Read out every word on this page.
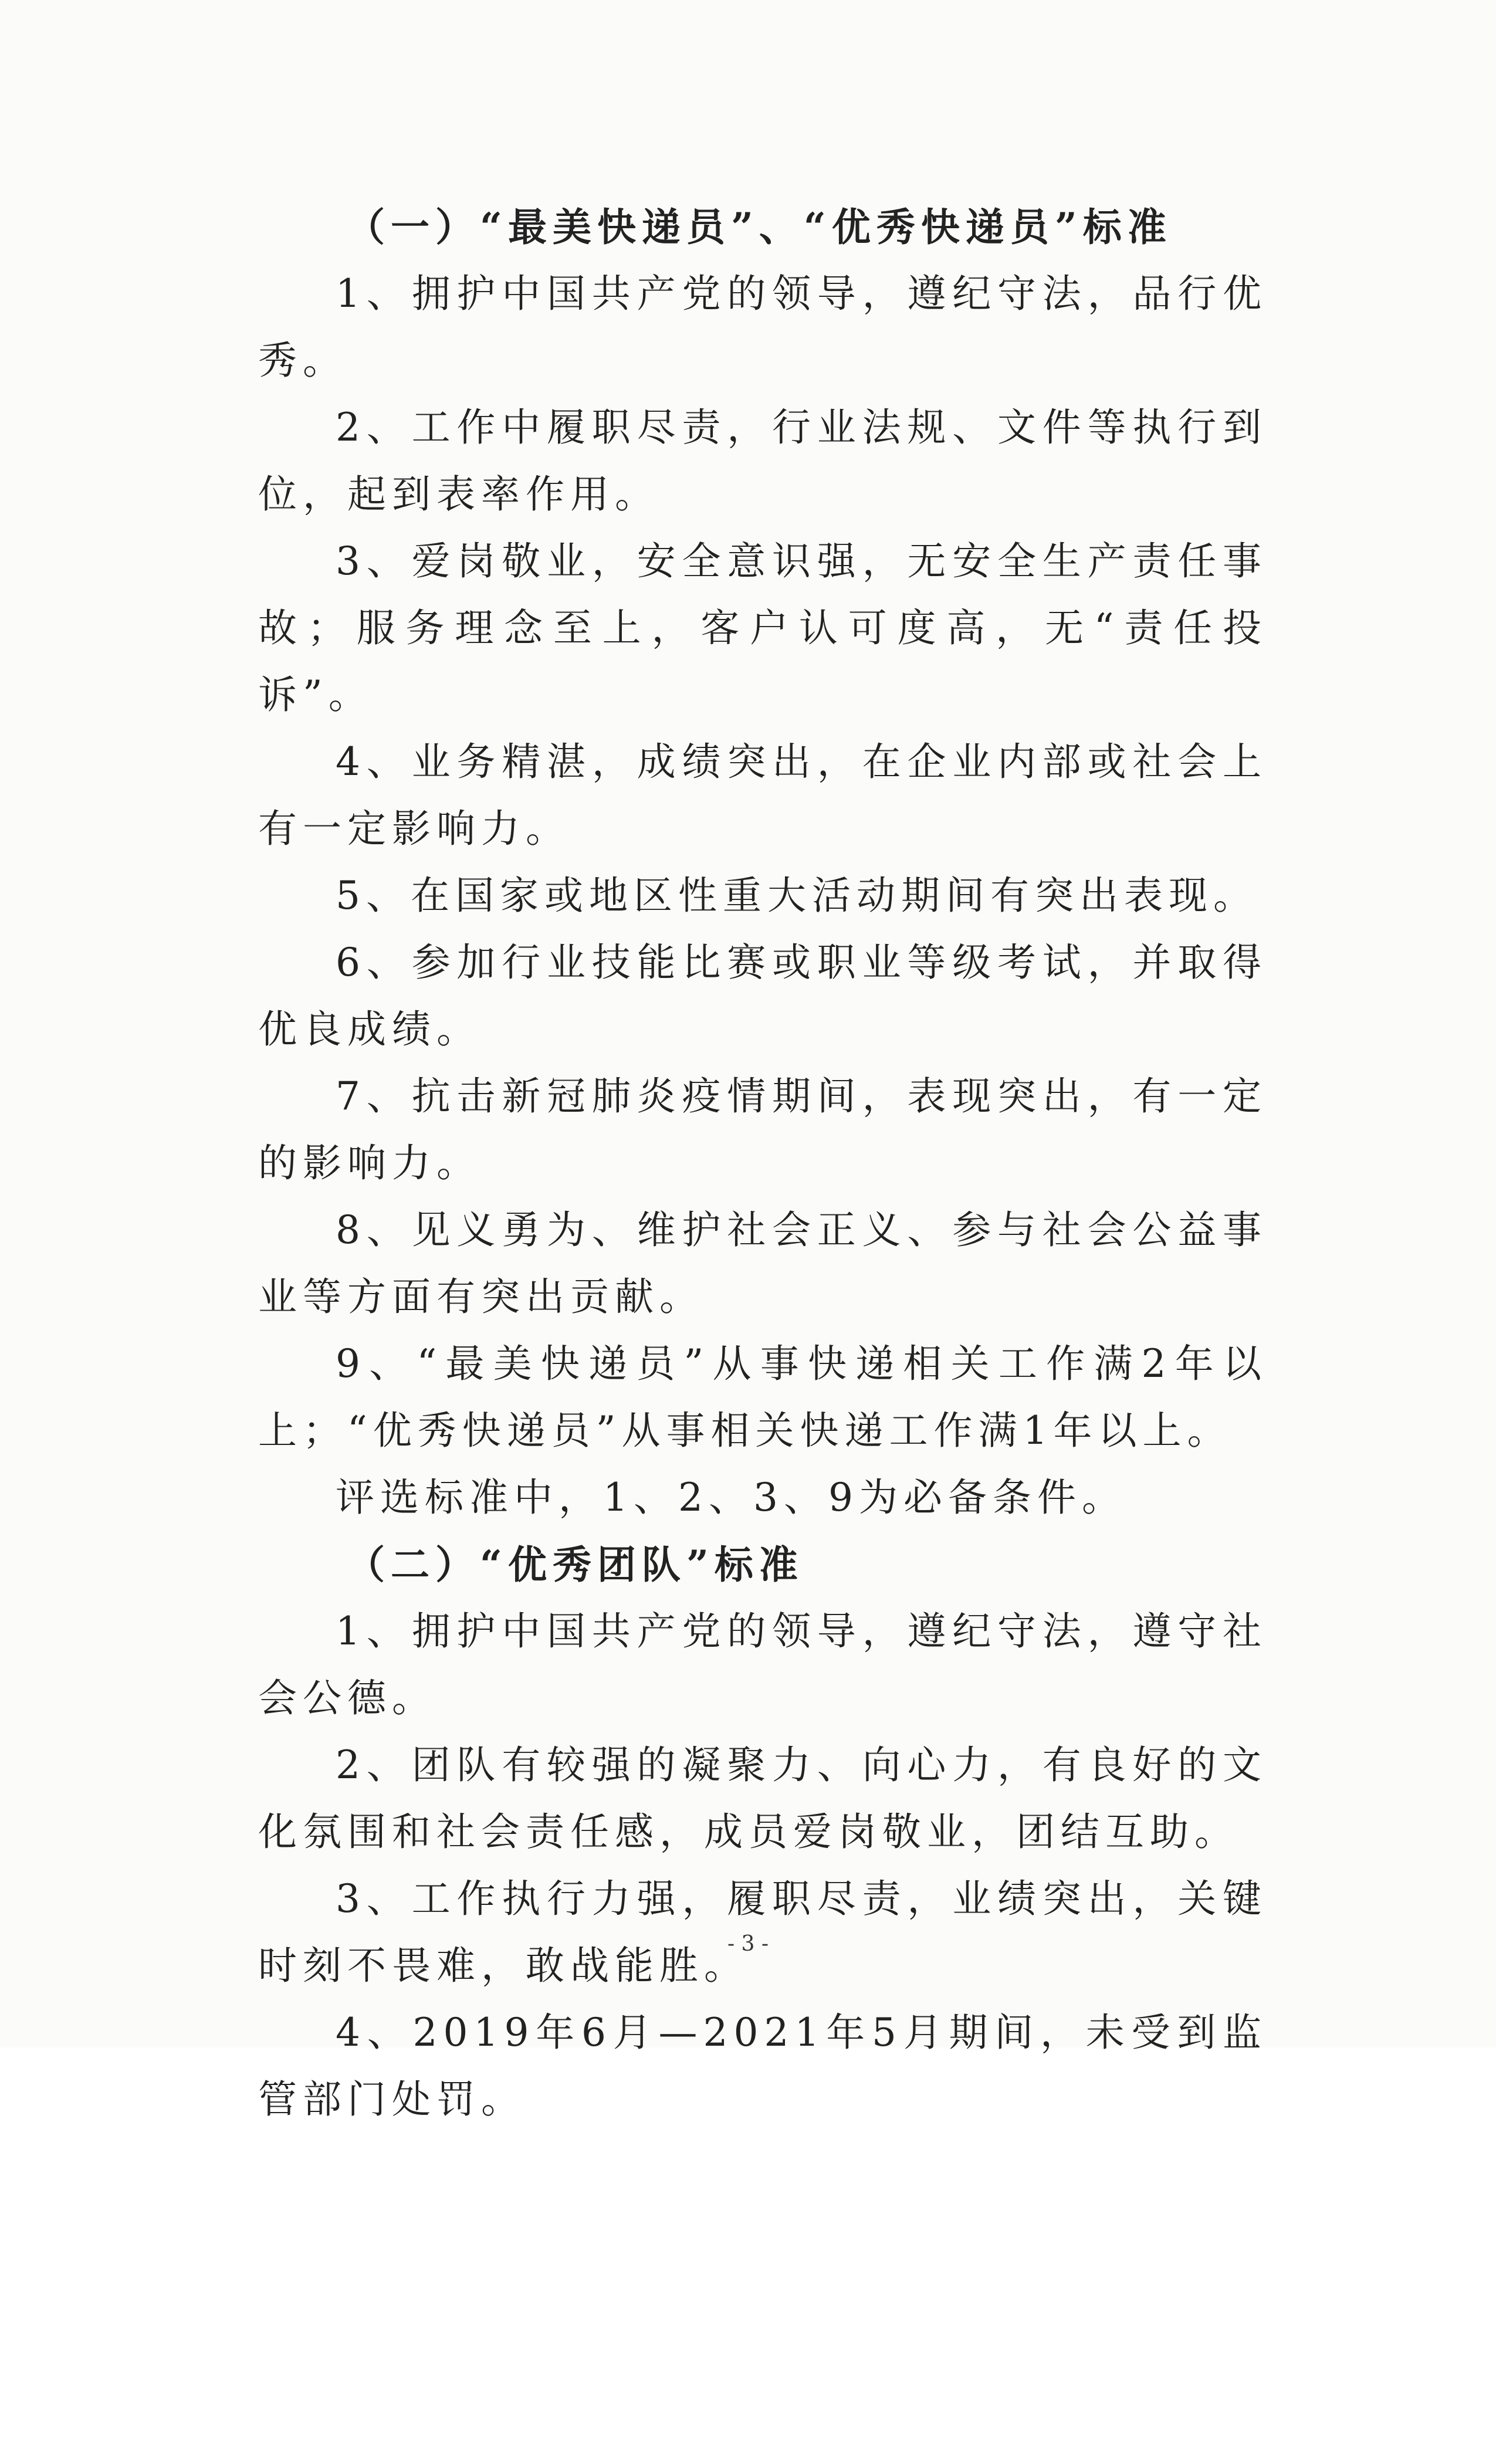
（一）“最美快递员”、“优秀快递员”标准

1、拥护中国共产党的领导，遵纪守法，品行优秀。

2、工作中履职尽责，行业法规、文件等执行到位，起到表率作用。

3、爱岗敬业，安全意识强，无安全生产责任事故；服务理念至上，客户认可度高，无“责任投诉”。

4、业务精湛，成绩突出，在企业内部或社会上有一定影响力。

5、在国家或地区性重大活动期间有突出表现。

6、参加行业技能比赛或职业等级考试，并取得优良成绩。

7、抗击新冠肺炎疫情期间，表现突出，有一定的影响力。

8、见义勇为、维护社会正义、参与社会公益事业等方面有突出贡献。

9、“最美快递员”从事快递相关工作满2年以上；“优秀快递员”从事相关快递工作满1年以上。

评选标准中，1、2、3、9为必备条件。

（二）“优秀团队”标准

1、拥护中国共产党的领导，遵纪守法，遵守社会公德。

2、团队有较强的凝聚力、向心力，有良好的文化氛围和社会责任感，成员爱岗敬业，团结互助。

3、工作执行力强，履职尽责，业绩突出，关键时刻不畏难，敢战能胜。

4、2019年6月—2021年5月期间，未受到监管部门处罚。

- 3 -
